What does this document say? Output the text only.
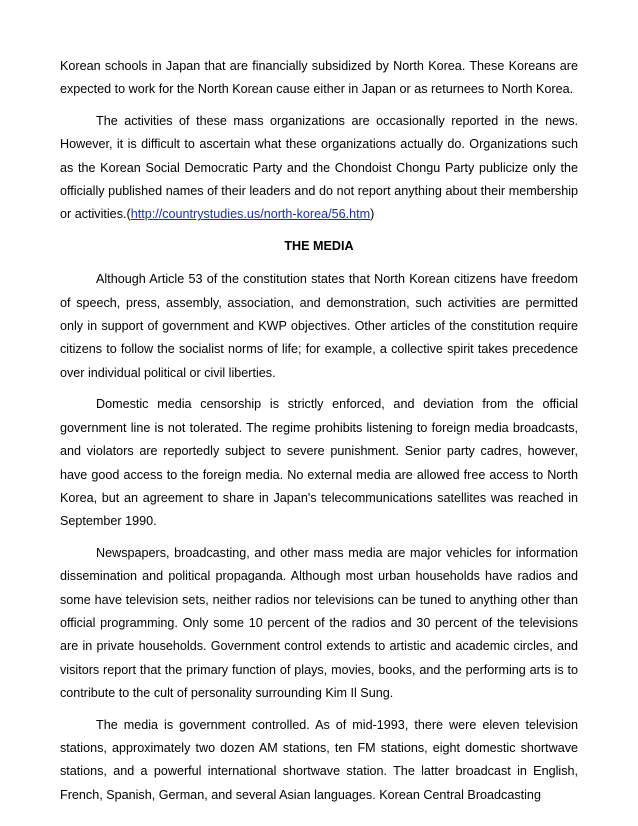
Korean schools in Japan that are financially subsidized by North Korea. These Koreans are expected to work for the North Korean cause either in Japan or as returnees to North Korea.

The activities of these mass organizations are occasionally reported in the news. However, it is difficult to ascertain what these organizations actually do. Organizations such as the Korean Social Democratic Party and the Chondoist Chongu Party publicize only the officially published names of their leaders and do not report anything about their membership or activities.(http://countrystudies.us/north-korea/56.htm)

THE MEDIA

Although Article 53 of the constitution states that North Korean citizens have freedom of speech, press, assembly, association, and demonstration, such activities are permitted only in support of government and KWP objectives. Other articles of the constitution require citizens to follow the socialist norms of life; for example, a collective spirit takes precedence over individual political or civil liberties.

Domestic media censorship is strictly enforced, and deviation from the official government line is not tolerated. The regime prohibits listening to foreign media broadcasts, and violators are reportedly subject to severe punishment. Senior party cadres, however, have good access to the foreign media. No external media are allowed free access to North Korea, but an agreement to share in Japan's telecommunications satellites was reached in September 1990.

Newspapers, broadcasting, and other mass media are major vehicles for information dissemination and political propaganda. Although most urban households have radios and some have television sets, neither radios nor televisions can be tuned to anything other than official programming. Only some 10 percent of the radios and 30 percent of the televisions are in private households. Government control extends to artistic and academic circles, and visitors report that the primary function of plays, movies, books, and the performing arts is to contribute to the cult of personality surrounding Kim Il Sung.

The media is government controlled. As of mid-1993, there were eleven television stations, approximately two dozen AM stations, ten FM stations, eight domestic shortwave stations, and a powerful international shortwave station. The latter broadcast in English, French, Spanish, German, and several Asian languages. Korean Central Broadcasting
